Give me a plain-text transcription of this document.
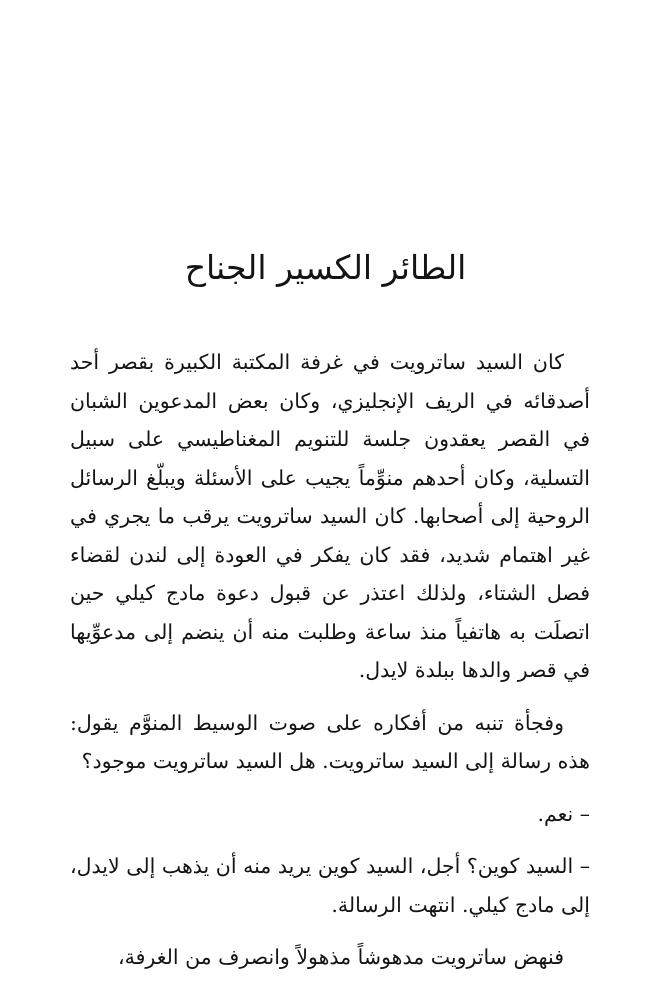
الطائر الكسير الجناح

كان السيد ساترويت في غرفة المكتبة الكبيرة بقصر أحد أصدقائه في الريف الإنجليزي، وكان بعض المدعوين الشبان في القصر يعقدون جلسة للتنويم المغناطيسي على سبيل التسلية، وكان أحدهم منوِّماً يجيب على الأسئلة ويبلّغ الرسائل الروحية إلى أصحابها. كان السيد ساترويت يرقب ما يجري في غير اهتمام شديد، فقد كان يفكر في العودة إلى لندن لقضاء فصل الشتاء، ولذلك اعتذر عن قبول دعوة مادج كيلي حين اتصلَت به هاتفياً منذ ساعة وطلبت منه أن ينضم إلى مدعوِّيها في قصر والدها ببلدة لايدل.

وفجأة تنبه من أفكاره على صوت الوسيط المنوَّم يقول: هذه رسالة إلى السيد ساترويت. هل السيد ساترويت موجود؟

– نعم.

– السيد كوين؟ أجل، السيد كوين يريد منه أن يذهب إلى لايدل، إلى مادج كيلي. انتهت الرسالة.

فنهض ساترويت مدهوشاً مذهولاً وانصرف من الغرفة،
